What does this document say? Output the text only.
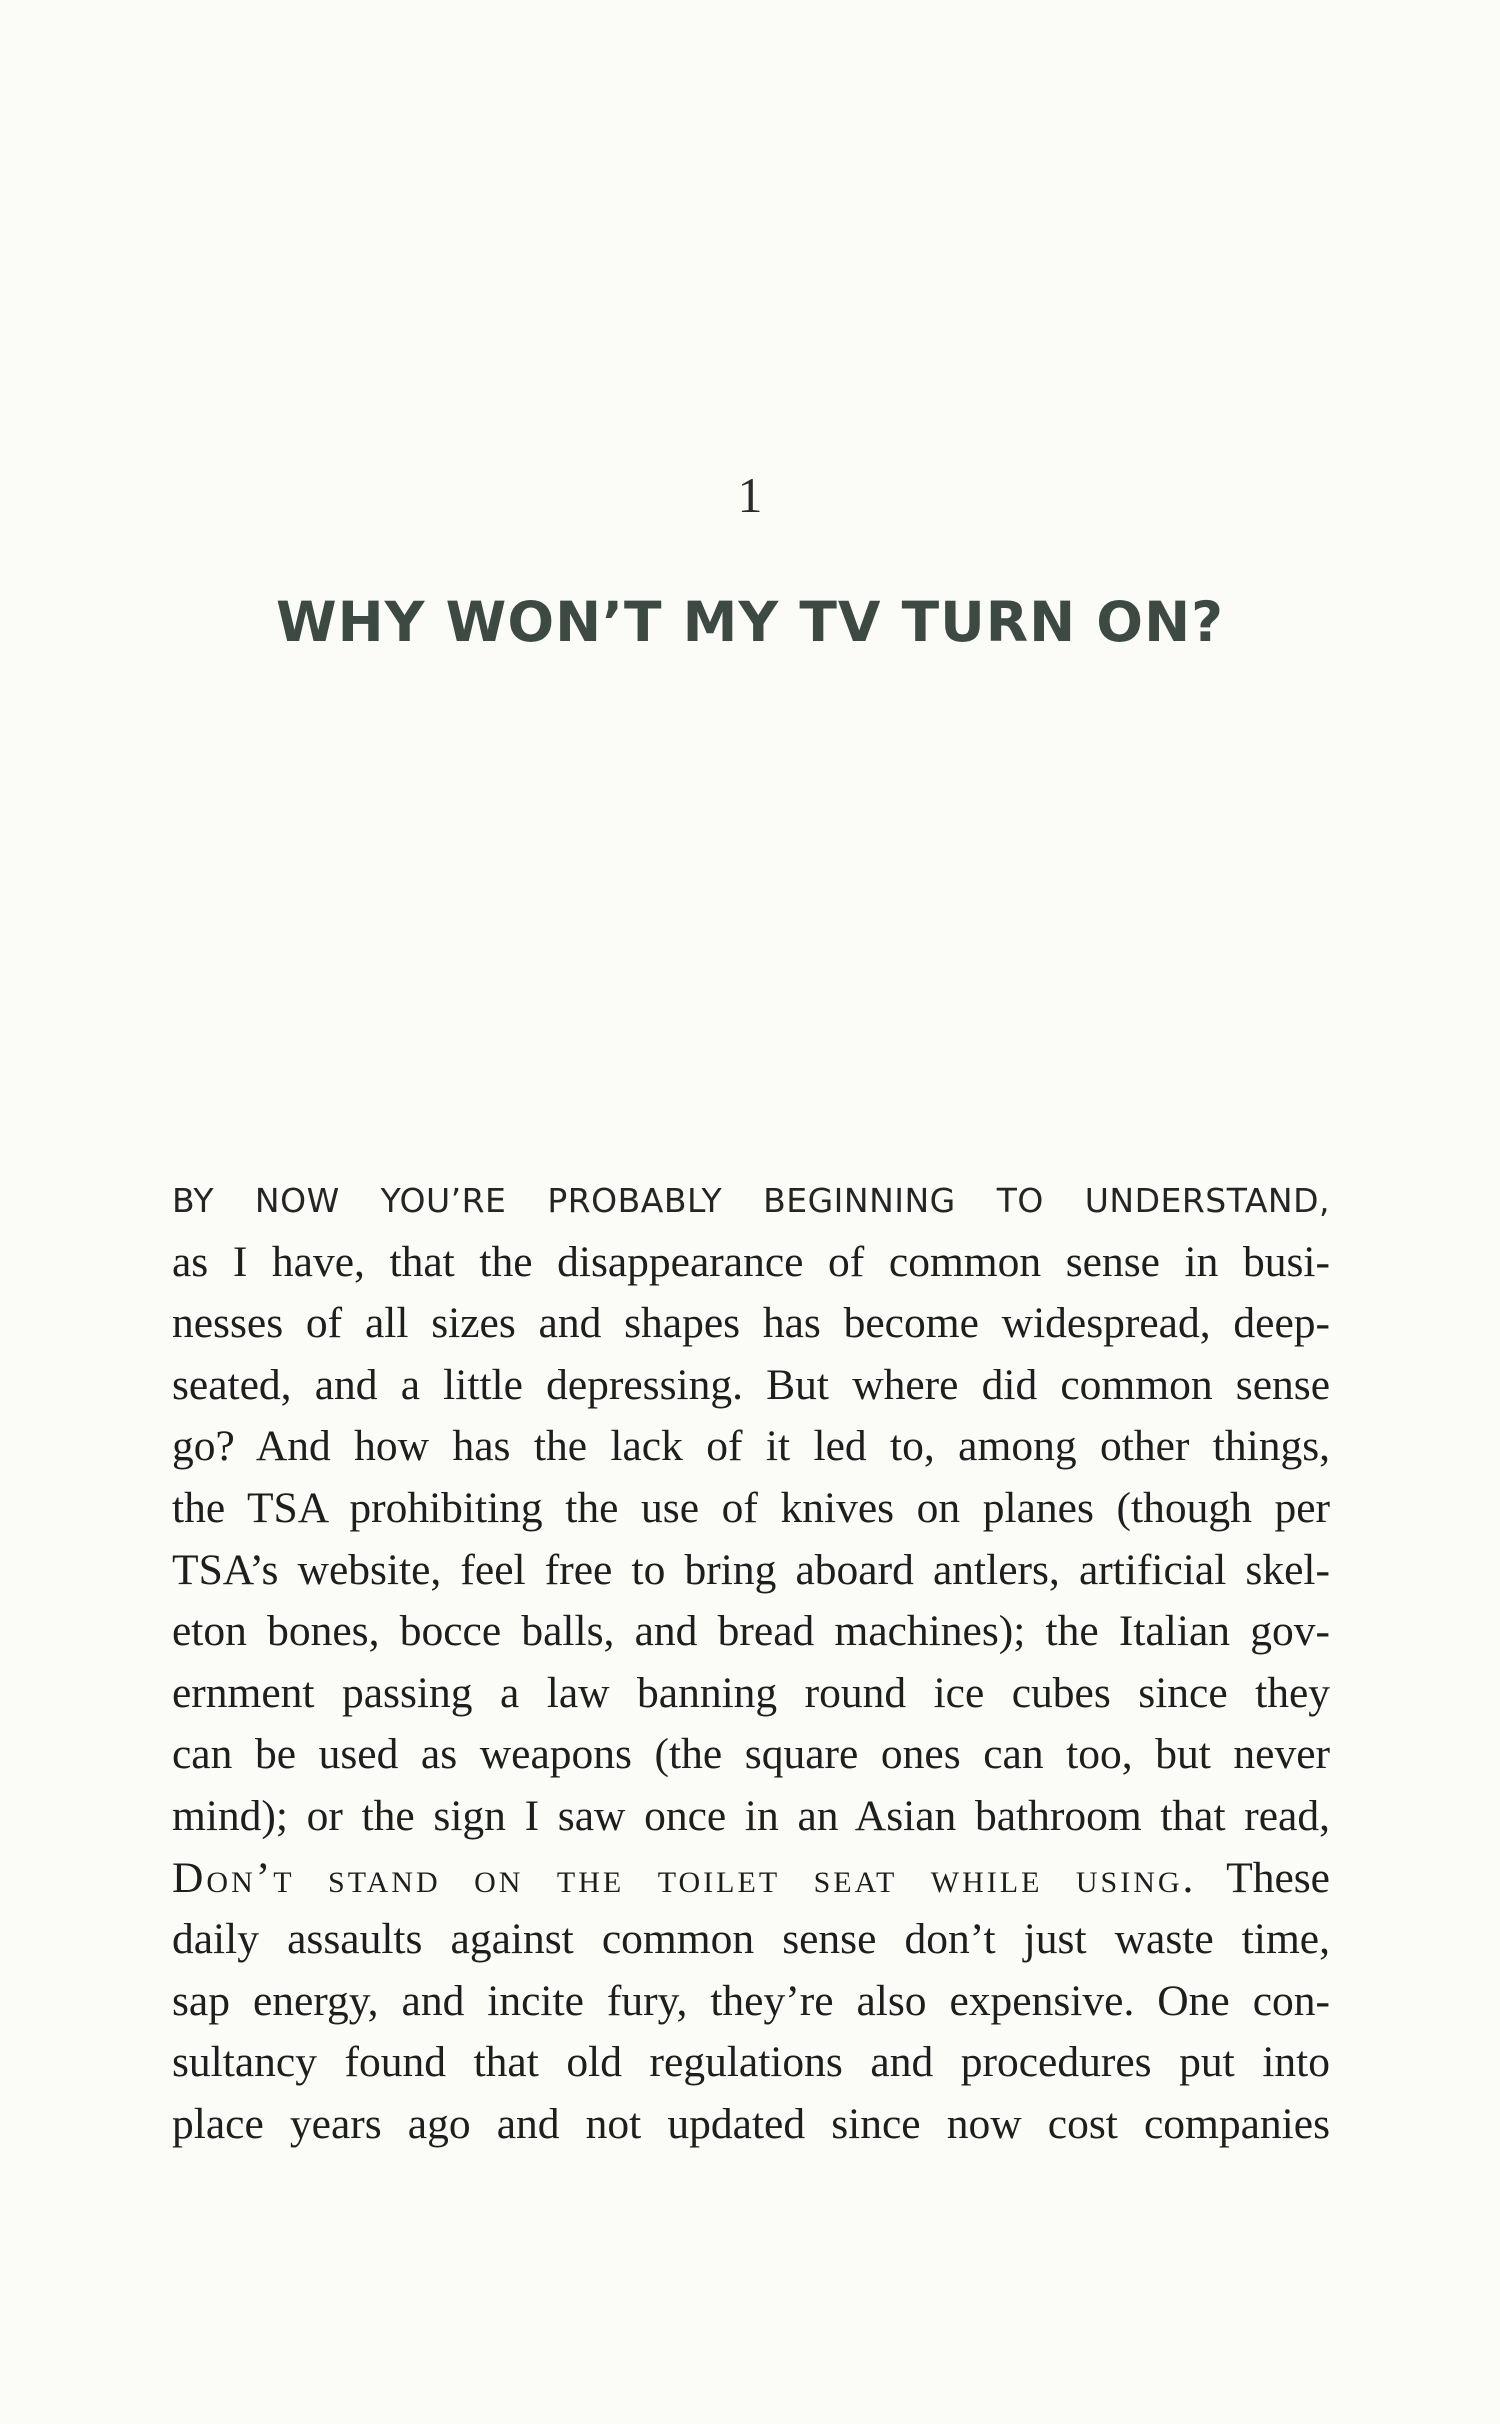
1
WHY WON’T MY TV TURN ON?
BY NOW YOU’RE PROBABLY BEGINNING TO UNDERSTAND,
as I have, that the disappearance of common sense in busi-
nesses of all sizes and shapes has become widespread, deep-
seated, and a little depressing. But where did common sense
go? And how has the lack of it led to, among other things,
the TSA prohibiting the use of knives on planes (though per
TSA’s website, feel free to bring aboard antlers, artificial skel-
eton bones, bocce balls, and bread machines); the Italian gov-
ernment passing a law banning round ice cubes since they
can be used as weapons (the square ones can too, but never
mind); or the sign I saw once in an Asian bathroom that read,
Don’t stand on the toilet seat while using. These
daily assaults against common sense don’t just waste time,
sap energy, and incite fury, they’re also expensive. One con-
sultancy found that old regulations and procedures put into
place years ago and not updated since now cost companies
